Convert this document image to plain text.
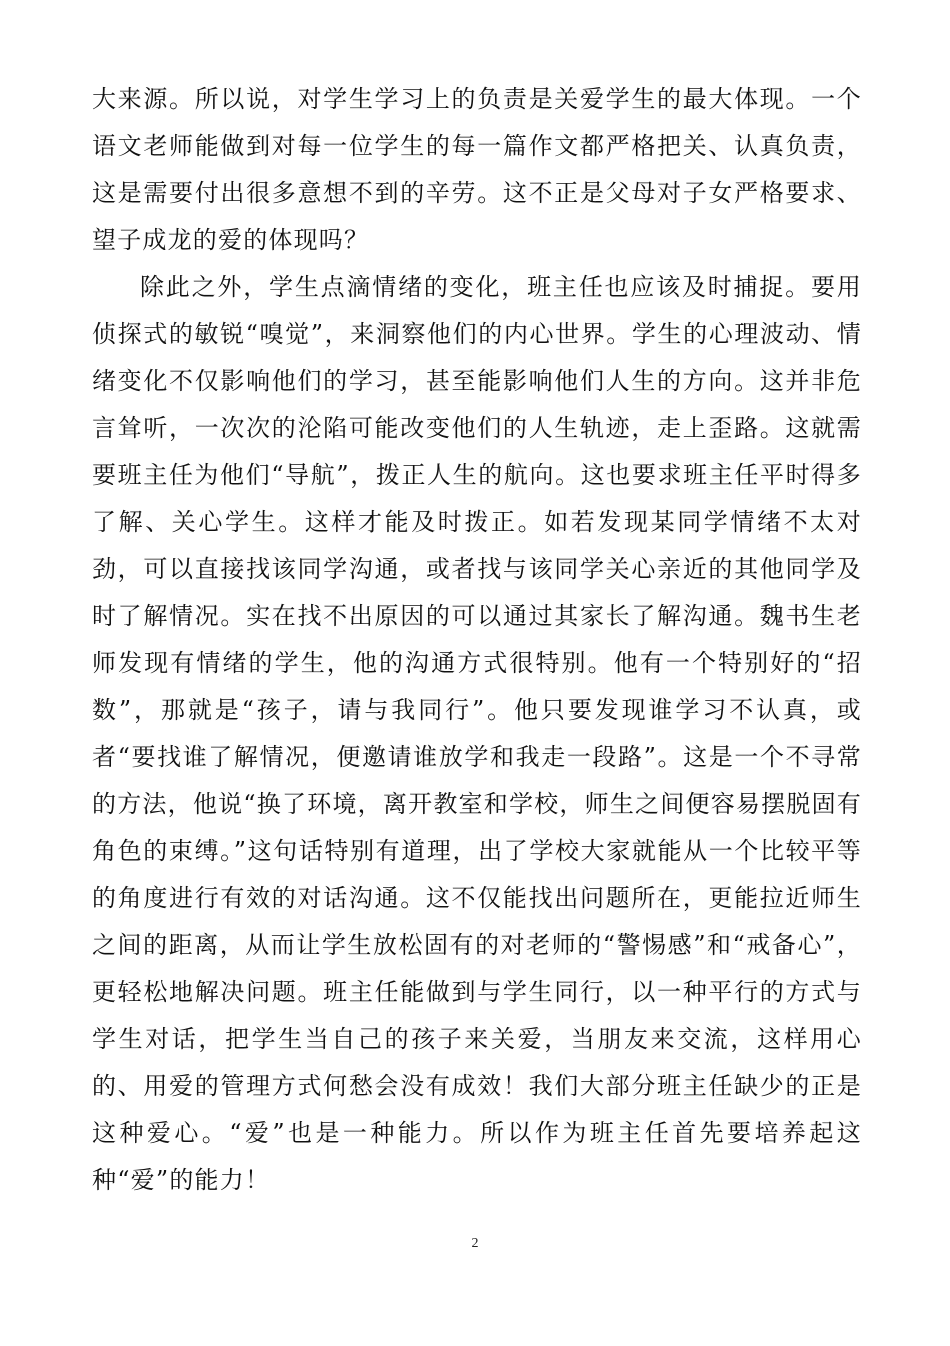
大来源。所以说，对学生学习上的负责是关爱学生的最大体现。一个语文老师能做到对每一位学生的每一篇作文都严格把关、认真负责，这是需要付出很多意想不到的辛劳。这不正是父母对子女严格要求、望子成龙的爱的体现吗？

除此之外，学生点滴情绪的变化，班主任也应该及时捕捉。要用侦探式的敏锐“嗅觉”，来洞察他们的内心世界。学生的心理波动、情绪变化不仅影响他们的学习，甚至能影响他们人生的方向。这并非危言耸听，一次次的沦陷可能改变他们的人生轨迹，走上歪路。这就需要班主任为他们“导航”，拨正人生的航向。这也要求班主任平时得多了解、关心学生。这样才能及时拨正。如若发现某同学情绪不太对劲，可以直接找该同学沟通，或者找与该同学关心亲近的其他同学及时了解情况。实在找不出原因的可以通过其家长了解沟通。魏书生老师发现有情绪的学生，他的沟通方式很特别。他有一个特别好的“招数”，那就是“孩子，请与我同行”。他只要发现谁学习不认真，或者“要找谁了解情况，便邀请谁放学和我走一段路”。这是一个不寻常的方法，他说“换了环境，离开教室和学校，师生之间便容易摆脱固有角色的束缚。”这句话特别有道理，出了学校大家就能从一个比较平等的角度进行有效的对话沟通。这不仅能找出问题所在，更能拉近师生之间的距离，从而让学生放松固有的对老师的“警惕感”和“戒备心”，更轻松地解决问题。班主任能做到与学生同行，以一种平行的方式与学生对话，把学生当自己的孩子来关爱，当朋友来交流，这样用心的、用爱的管理方式何愁会没有成效！我们大部分班主任缺少的正是这种爱心。“爱”也是一种能力。所以作为班主任首先要培养起这种“爱”的能力！

2
